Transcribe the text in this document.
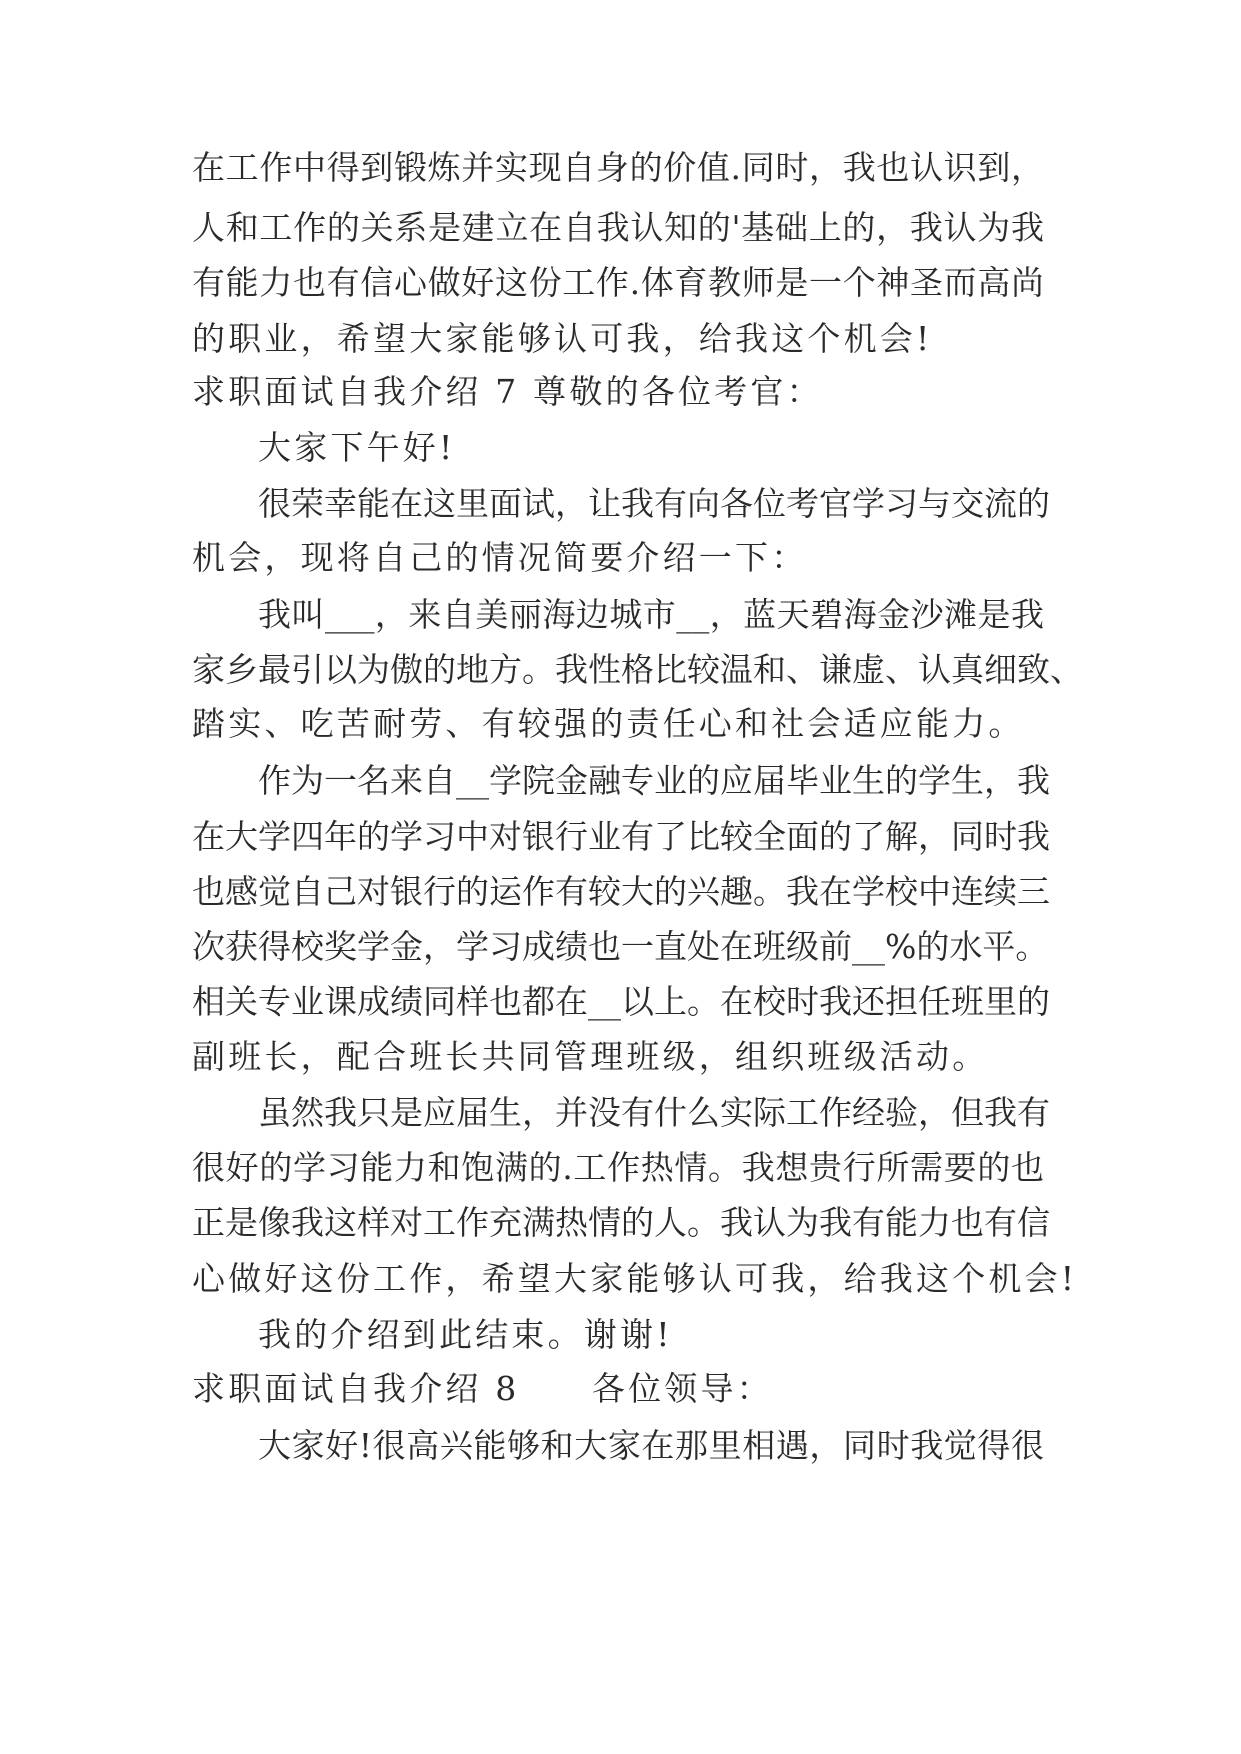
在工作中得到锻炼并实现自身的价值.同时，我也认识到，

人和工作的关系是建立在自我认知的'基础上的，我认为我

有能力也有信心做好这份工作.体育教师是一个神圣而高尚

的职业，希望大家能够认可我，给我这个机会!

求职面试自我介绍 7 尊敬的各位考官：

大家下午好!

很荣幸能在这里面试，让我有向各位考官学习与交流的

机会，现将自己的情况简要介绍一下：

我叫___，来自美丽海边城市__，蓝天碧海金沙滩是我

家乡最引以为傲的地方。我性格比较温和、谦虚、认真细致、

踏实、吃苦耐劳、有较强的责任心和社会适应能力。

作为一名来自__学院金融专业的应届毕业生的学生，我

在大学四年的学习中对银行业有了比较全面的了解，同时我

也感觉自己对银行的运作有较大的兴趣。我在学校中连续三

次获得校奖学金，学习成绩也一直处在班级前__%的水平。

相关专业课成绩同样也都在__以上。在校时我还担任班里的

副班长，配合班长共同管理班级，组织班级活动。

虽然我只是应届生，并没有什么实际工作经验，但我有

很好的学习能力和饱满的.工作热情。我想贵行所需要的也

正是像我这样对工作充满热情的人。我认为我有能力也有信

心做好这份工作，希望大家能够认可我，给我这个机会!

我的介绍到此结束。谢谢!

求职面试自我介绍 8　　各位领导：

大家好!很高兴能够和大家在那里相遇，同时我觉得很
